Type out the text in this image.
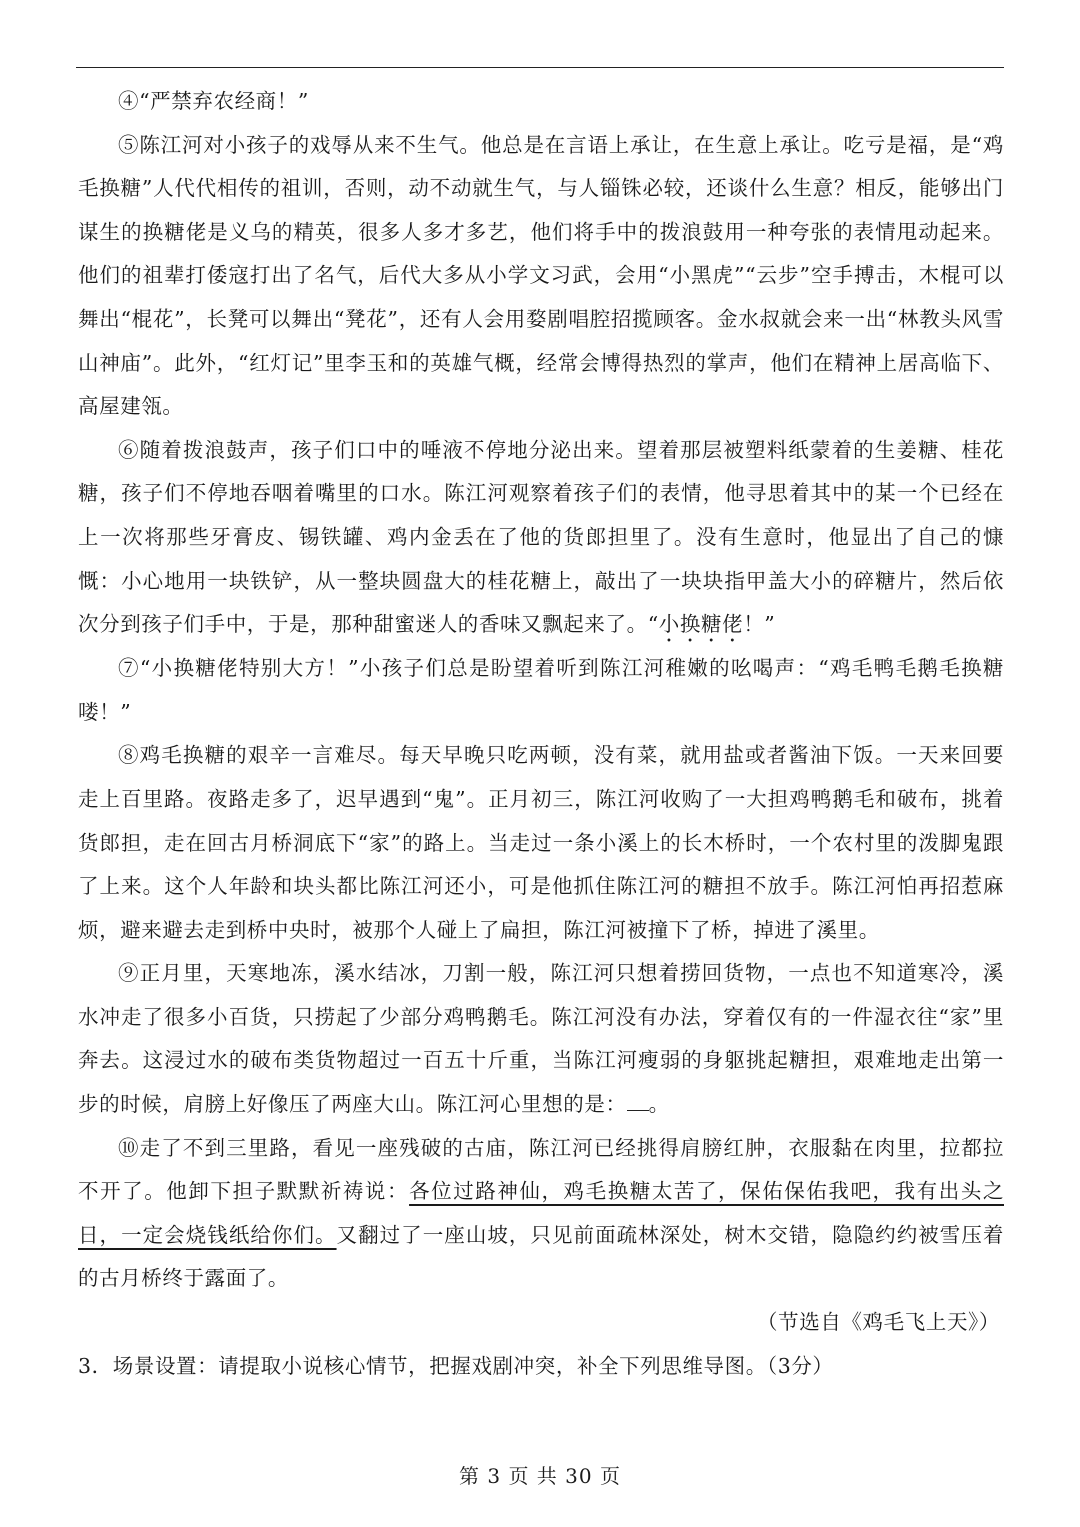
④“严禁弃农经商！”

⑤陈江河对小孩子的戏辱从来不生气。他总是在言语上承让，在生意上承让。吃亏是福，是“鸡毛换糖”人代代相传的祖训，否则，动不动就生气，与人锱铢必较，还谈什么生意？相反，能够出门谋生的换糖佬是义乌的精英，很多人多才多艺，他们将手中的拨浪鼓用一种夸张的表情甩动起来。他们的祖辈打倭寇打出了名气，后代大多从小学文习武，会用“小黑虎”“云步”空手搏击，木棍可以舞出“棍花”，长凳可以舞出“凳花”，还有人会用婺剧唱腔招揽顾客。金水叔就会来一出“林教头风雪山神庙”。此外，“红灯记”里李玉和的英雄气概，经常会博得热烈的掌声，他们在精神上居高临下、高屋建瓴。

⑥随着拨浪鼓声，孩子们口中的唾液不停地分泌出来。望着那层被塑料纸蒙着的生姜糖、桂花糖，孩子们不停地吞咽着嘴里的口水。陈江河观察着孩子们的表情，他寻思着其中的某一个已经在上一次将那些牙膏皮、锡铁罐、鸡内金丢在了他的货郎担里了。没有生意时，他显出了自己的慷慨：小心地用一块铁铲，从一整块圆盘大的桂花糖上，敲出了一块块指甲盖大小的碎糖片，然后依次分到孩子们手中，于是，那种甜蜜迷人的香味又飘起来了。“小换糖佬！”

⑦“小换糖佬特别大方！”小孩子们总是盼望着听到陈江河稚嫩的吆喝声：“鸡毛鸭毛鹅毛换糖喽！”

⑧鸡毛换糖的艰辛一言难尽。每天早晚只吃两顿，没有菜，就用盐或者酱油下饭。一天来回要走上百里路。夜路走多了，迟早遇到“鬼”。正月初三，陈江河收购了一大担鸡鸭鹅毛和破布，挑着货郎担，走在回古月桥洞底下“家”的路上。当走过一条小溪上的长木桥时，一个农村里的泼脚鬼跟了上来。这个人年龄和块头都比陈江河还小，可是他抓住陈江河的糖担不放手。陈江河怕再招惹麻烦，避来避去走到桥中央时，被那个人碰上了扁担，陈江河被撞下了桥，掉进了溪里。

⑨正月里，天寒地冻，溪水结冰，刀割一般，陈江河只想着捞回货物，一点也不知道寒冷，溪水冲走了很多小百货，只捞起了少部分鸡鸭鹅毛。陈江河没有办法，穿着仅有的一件湿衣往“家”里奔去。这浸过水的破布类货物超过一百五十斤重，当陈江河瘦弱的身躯挑起糖担，艰难地走出第一步的时候，肩膀上好像压了两座大山。陈江河心里想的是： 。

⑩走了不到三里路，看见一座残破的古庙，陈江河已经挑得肩膀红肿，衣服黏在肉里，拉都拉不开了。他卸下担子默默祈祷说：各位过路神仙，鸡毛换糖太苦了，保佑保佑我吧，我有出头之日，一定会烧钱纸给你们。又翻过了一座山坡，只见前面疏林深处，树木交错，隐隐约约被雪压着的古月桥终于露面了。

（节选自《鸡毛飞上天》）

3．场景设置：请提取小说核心情节，把握戏剧冲突，补全下列思维导图。（3分）

第 3 页 共 30 页
